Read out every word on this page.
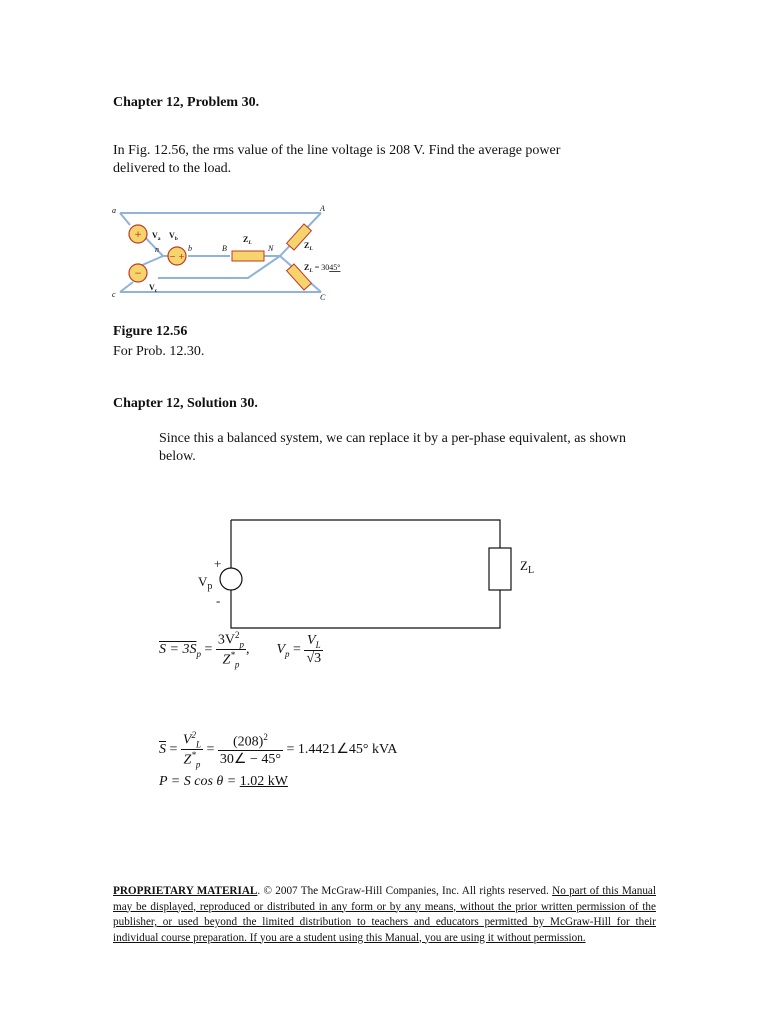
Chapter 12, Problem 30.
In Fig. 12.56, the rms value of the line voltage is 208 V. Find the average power delivered to the load.
+
− +
−
a	A
c	C
n	b	B	N
$V_a$ $V_b$
$V_c$
$Z_L$	$Z_L$
$Z_L = 3045^\circ$
Figure 12.56
For Prob. 12.30.
Chapter 12, Solution 30.
Since this a balanced system, we can replace it by a per-phase equivalent, as shown below.
+
-
$V_p$
$Z_L$
$S = 3S_p = \frac{3V^2_p}{Z^*_p}$ , $V_p = \frac{V_L}{√3}$
$\overline{S} = \frac{V^2_L}{Z^*_p} = \frac{(208)^2}{30\angle - 45^\circ}$ = 1.4421∠45° kVA
P = S cos θ = 1.02 kW
PROPRIETARY MATERIAL. © 2007 The McGraw-Hill Companies, Inc. All rights reserved. No part of this Manual may be displayed, reproduced or distributed in any form or by any means, without the prior written permission of the publisher, or used beyond the limited distribution to teachers and educators permitted by McGraw-Hill for their individual course preparation. If you are a student using this Manual, you are using it without permission.
